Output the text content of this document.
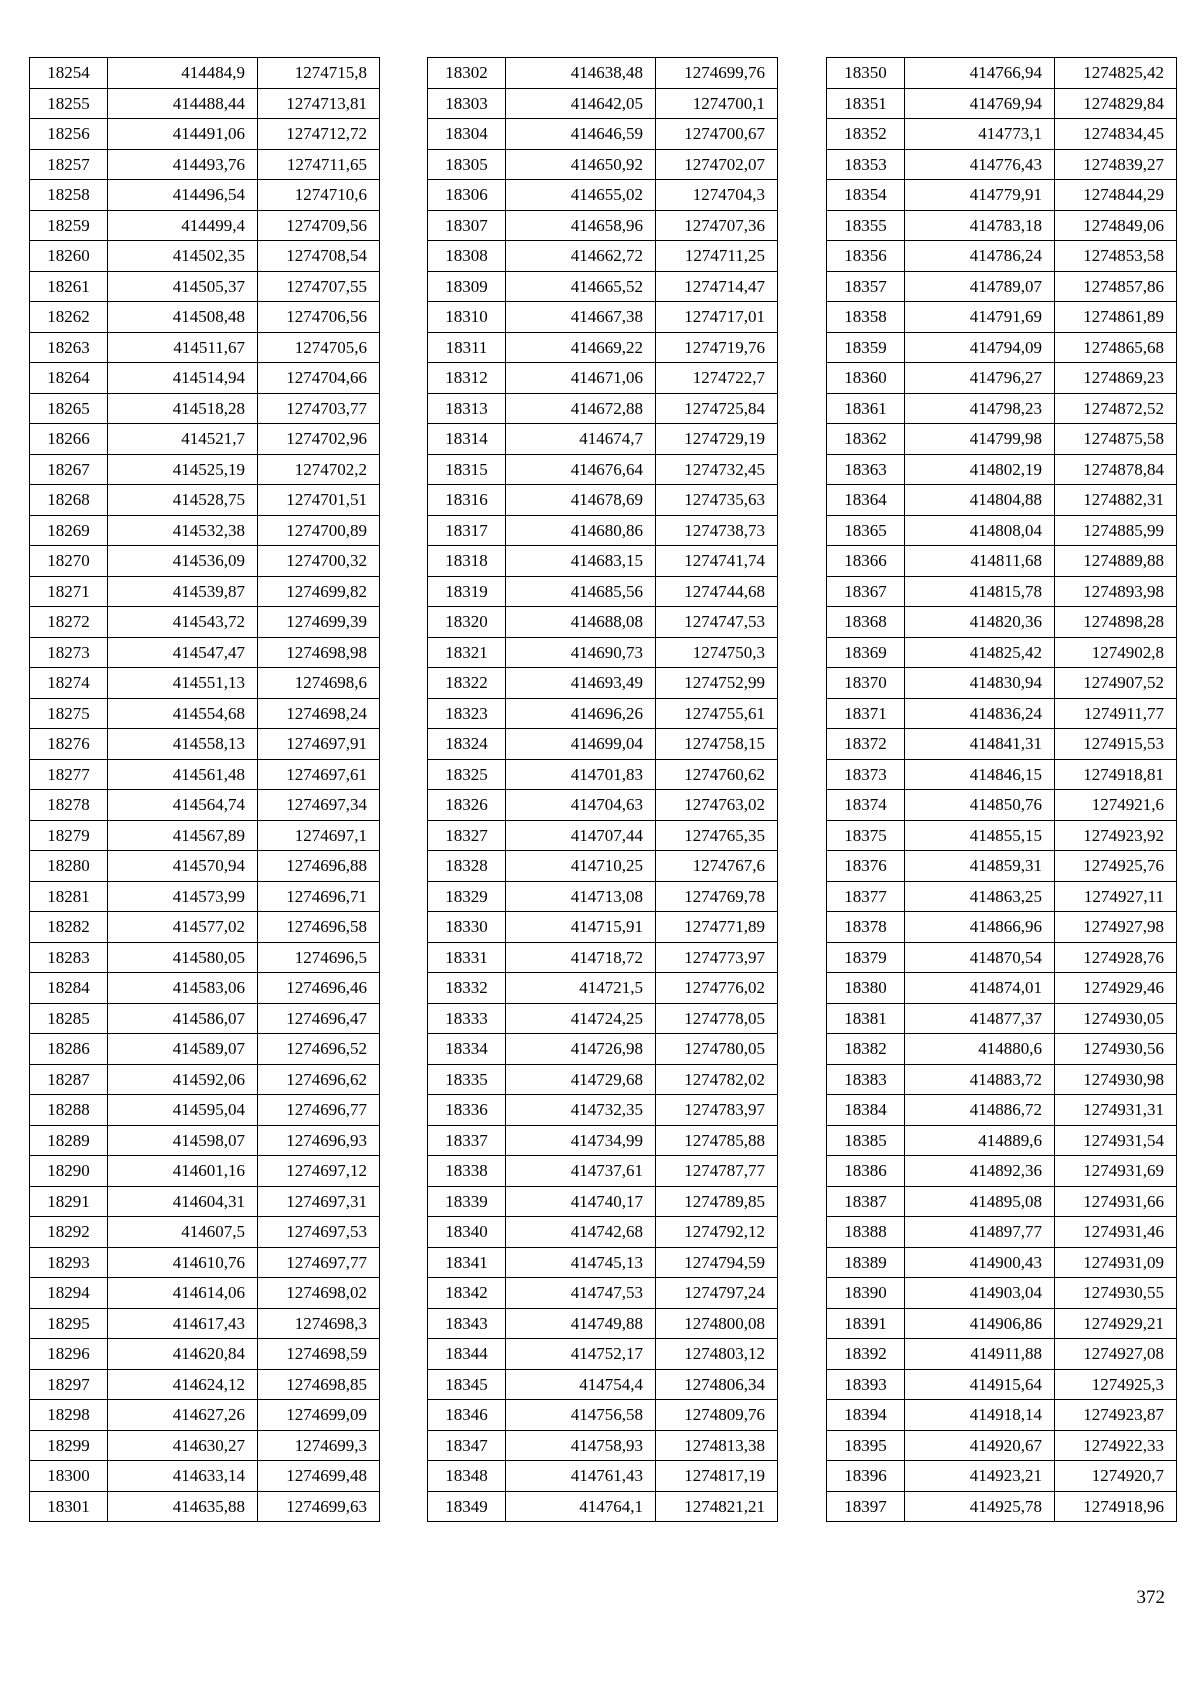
18254	414484,9	1274715,8
18255	414488,44	1274713,81
18256	414491,06	1274712,72
18257	414493,76	1274711,65
18258	414496,54	1274710,6
18259	414499,4	1274709,56
18260	414502,35	1274708,54
18261	414505,37	1274707,55
18262	414508,48	1274706,56
18263	414511,67	1274705,6
18264	414514,94	1274704,66
18265	414518,28	1274703,77
18266	414521,7	1274702,96
18267	414525,19	1274702,2
18268	414528,75	1274701,51
18269	414532,38	1274700,89
18270	414536,09	1274700,32
18271	414539,87	1274699,82
18272	414543,72	1274699,39
18273	414547,47	1274698,98
18274	414551,13	1274698,6
18275	414554,68	1274698,24
18276	414558,13	1274697,91
18277	414561,48	1274697,61
18278	414564,74	1274697,34
18279	414567,89	1274697,1
18280	414570,94	1274696,88
18281	414573,99	1274696,71
18282	414577,02	1274696,58
18283	414580,05	1274696,5
18284	414583,06	1274696,46
18285	414586,07	1274696,47
18286	414589,07	1274696,52
18287	414592,06	1274696,62
18288	414595,04	1274696,77
18289	414598,07	1274696,93
18290	414601,16	1274697,12
18291	414604,31	1274697,31
18292	414607,5	1274697,53
18293	414610,76	1274697,77
18294	414614,06	1274698,02
18295	414617,43	1274698,3
18296	414620,84	1274698,59
18297	414624,12	1274698,85
18298	414627,26	1274699,09
18299	414630,27	1274699,3
18300	414633,14	1274699,48
18301	414635,88	1274699,63
18302	414638,48	1274699,76
18303	414642,05	1274700,1
18304	414646,59	1274700,67
18305	414650,92	1274702,07
18306	414655,02	1274704,3
18307	414658,96	1274707,36
18308	414662,72	1274711,25
18309	414665,52	1274714,47
18310	414667,38	1274717,01
18311	414669,22	1274719,76
18312	414671,06	1274722,7
18313	414672,88	1274725,84
18314	414674,7	1274729,19
18315	414676,64	1274732,45
18316	414678,69	1274735,63
18317	414680,86	1274738,73
18318	414683,15	1274741,74
18319	414685,56	1274744,68
18320	414688,08	1274747,53
18321	414690,73	1274750,3
18322	414693,49	1274752,99
18323	414696,26	1274755,61
18324	414699,04	1274758,15
18325	414701,83	1274760,62
18326	414704,63	1274763,02
18327	414707,44	1274765,35
18328	414710,25	1274767,6
18329	414713,08	1274769,78
18330	414715,91	1274771,89
18331	414718,72	1274773,97
18332	414721,5	1274776,02
18333	414724,25	1274778,05
18334	414726,98	1274780,05
18335	414729,68	1274782,02
18336	414732,35	1274783,97
18337	414734,99	1274785,88
18338	414737,61	1274787,77
18339	414740,17	1274789,85
18340	414742,68	1274792,12
18341	414745,13	1274794,59
18342	414747,53	1274797,24
18343	414749,88	1274800,08
18344	414752,17	1274803,12
18345	414754,4	1274806,34
18346	414756,58	1274809,76
18347	414758,93	1274813,38
18348	414761,43	1274817,19
18349	414764,1	1274821,21
18350	414766,94	1274825,42
18351	414769,94	1274829,84
18352	414773,1	1274834,45
18353	414776,43	1274839,27
18354	414779,91	1274844,29
18355	414783,18	1274849,06
18356	414786,24	1274853,58
18357	414789,07	1274857,86
18358	414791,69	1274861,89
18359	414794,09	1274865,68
18360	414796,27	1274869,23
18361	414798,23	1274872,52
18362	414799,98	1274875,58
18363	414802,19	1274878,84
18364	414804,88	1274882,31
18365	414808,04	1274885,99
18366	414811,68	1274889,88
18367	414815,78	1274893,98
18368	414820,36	1274898,28
18369	414825,42	1274902,8
18370	414830,94	1274907,52
18371	414836,24	1274911,77
18372	414841,31	1274915,53
18373	414846,15	1274918,81
18374	414850,76	1274921,6
18375	414855,15	1274923,92
18376	414859,31	1274925,76
18377	414863,25	1274927,11
18378	414866,96	1274927,98
18379	414870,54	1274928,76
18380	414874,01	1274929,46
18381	414877,37	1274930,05
18382	414880,6	1274930,56
18383	414883,72	1274930,98
18384	414886,72	1274931,31
18385	414889,6	1274931,54
18386	414892,36	1274931,69
18387	414895,08	1274931,66
18388	414897,77	1274931,46
18389	414900,43	1274931,09
18390	414903,04	1274930,55
18391	414906,86	1274929,21
18392	414911,88	1274927,08
18393	414915,64	1274925,3
18394	414918,14	1274923,87
18395	414920,67	1274922,33
18396	414923,21	1274920,7
18397	414925,78	1274918,96
372
